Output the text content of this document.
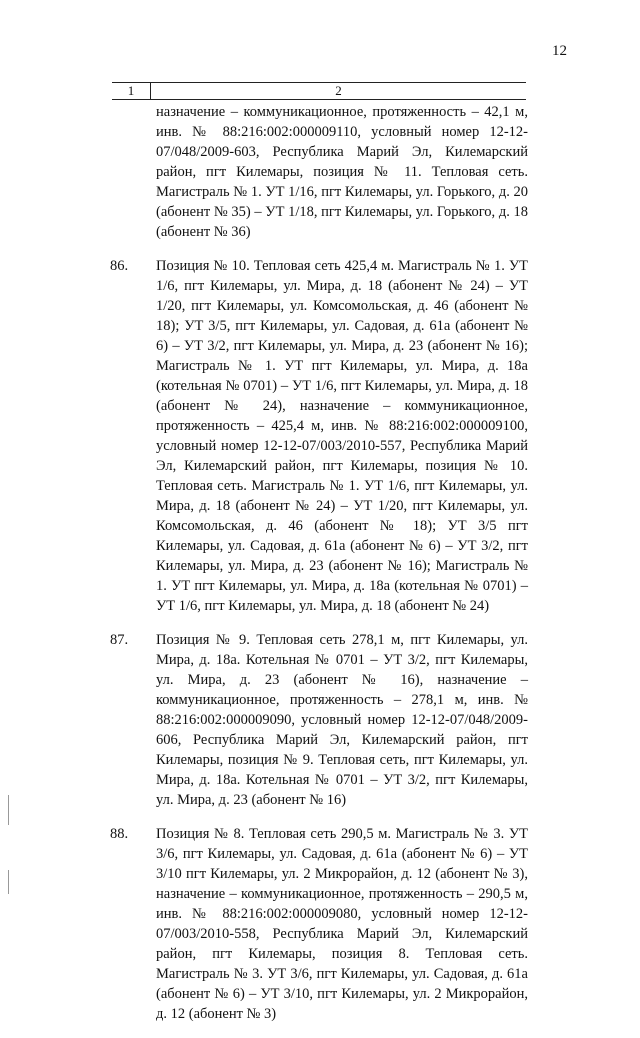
12
1	2
назначение – коммуникационное, протяженность – 42,1 м, инв. № 88:216:002:000009110, условный номер 12-12-07/048/2009-603, Республика Марий Эл, Килемарский район, пгт Килемары, позиция № 11. Тепловая сеть. Магистраль № 1. УТ 1/16, пгт Килемары, ул. Горького, д. 20 (абонент № 35) – УТ 1/18, пгт Килемары, ул. Горького, д. 18 (абонент № 36)
86.	Позиция № 10. Тепловая сеть 425,4 м. Магистраль № 1. УТ 1/6, пгт Килемары, ул. Мира, д. 18 (абонент № 24) – УТ 1/20, пгт Килемары, ул. Комсомольская, д. 46 (абонент № 18); УТ 3/5, пгт Килемары, ул. Садовая, д. 61а (абонент № 6) – УТ 3/2, пгт Килемары, ул. Мира, д. 23 (абонент № 16); Магистраль № 1. УТ пгт Килемары, ул. Мира, д. 18а (котельная № 0701) – УТ 1/6, пгт Килемары, ул. Мира, д. 18 (абонент № 24), назначение – коммуникационное, протяженность – 425,4 м, инв. № 88:216:002:000009100, условный номер 12-12-07/003/2010-557, Республика Марий Эл, Килемарский район, пгт Килемары, позиция № 10. Тепловая сеть. Магистраль № 1. УТ 1/6, пгт Килемары, ул. Мира, д. 18 (абонент № 24) – УТ 1/20, пгт Килемары, ул. Комсомольская, д. 46 (абонент № 18); УТ 3/5 пгт Килемары, ул. Садовая, д. 61а (абонент № 6) – УТ 3/2, пгт Килемары, ул. Мира, д. 23 (абонент № 16); Магистраль № 1. УТ пгт Килемары, ул. Мира, д. 18а (котельная № 0701) – УТ 1/6, пгт Килемары, ул. Мира, д. 18 (абонент № 24)
87.	Позиция № 9. Тепловая сеть 278,1 м, пгт Килемары, ул. Мира, д. 18а. Котельная № 0701 – УТ 3/2, пгт Килемары, ул. Мира, д. 23 (абонент № 16), назначение – коммуникационное, протяженность – 278,1 м, инв. № 88:216:002:000009090, условный номер 12-12-07/048/2009-606, Республика Марий Эл, Килемарский район, пгт Килемары, позиция № 9. Тепловая сеть, пгт Килемары, ул. Мира, д. 18а. Котельная № 0701 – УТ 3/2, пгт Килемары, ул. Мира, д. 23 (абонент № 16)
88.	Позиция № 8. Тепловая сеть 290,5 м. Магистраль № 3. УТ 3/6, пгт Килемары, ул. Садовая, д. 61а (абонент № 6) – УТ 3/10 пгт Килемары, ул. 2 Микрорайон, д. 12 (абонент № 3), назначение – коммуникационное, протяженность – 290,5 м, инв. № 88:216:002:000009080, условный номер 12-12-07/003/2010-558, Республика Марий Эл, Килемарский район, пгт Килемары, позиция 8. Тепловая сеть. Магистраль № 3. УТ 3/6, пгт Килемары, ул. Садовая, д. 61а (абонент № 6) – УТ 3/10, пгт Килемары, ул. 2 Микрорайон, д. 12 (абонент № 3)
